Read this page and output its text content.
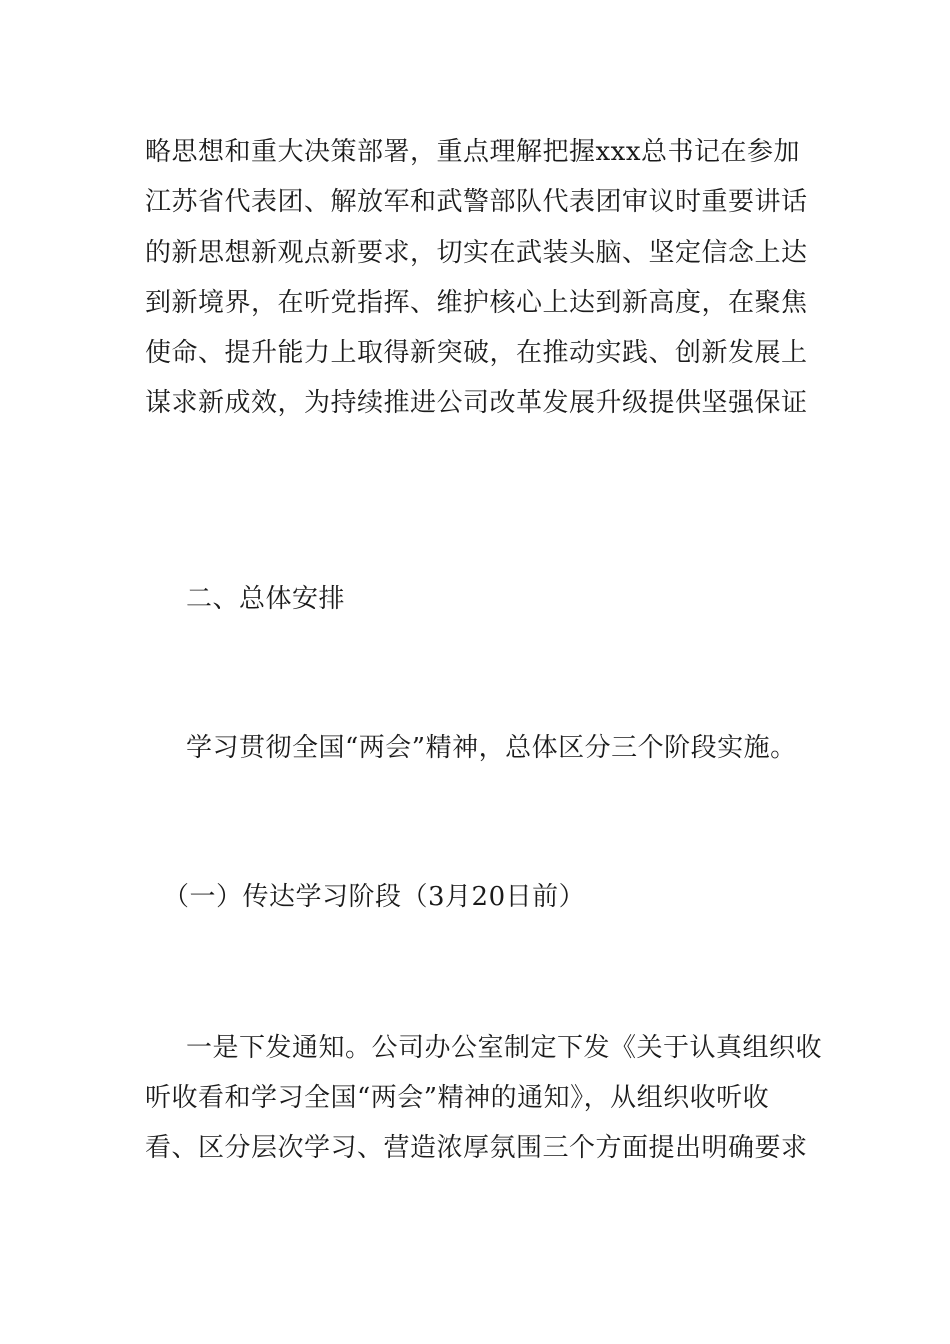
略思想和重大决策部署，重点理解把握xxx总书记在参加
江苏省代表团、解放军和武警部队代表团审议时重要讲话
的新思想新观点新要求，切实在武装头脑、坚定信念上达
到新境界，在听党指挥、维护核心上达到新高度，在聚焦
使命、提升能力上取得新突破，在推动实践、创新发展上
谋求新成效，为持续推进公司改革发展升级提供坚强保证
二、总体安排
学习贯彻全国“两会”精神，总体区分三个阶段实施。
（一）传达学习阶段（3月20日前）
一是下发通知。公司办公室制定下发《关于认真组织收
听收看和学习全国“两会”精神的通知》，从组织收听收
看、区分层次学习、营造浓厚氛围三个方面提出明确要求
